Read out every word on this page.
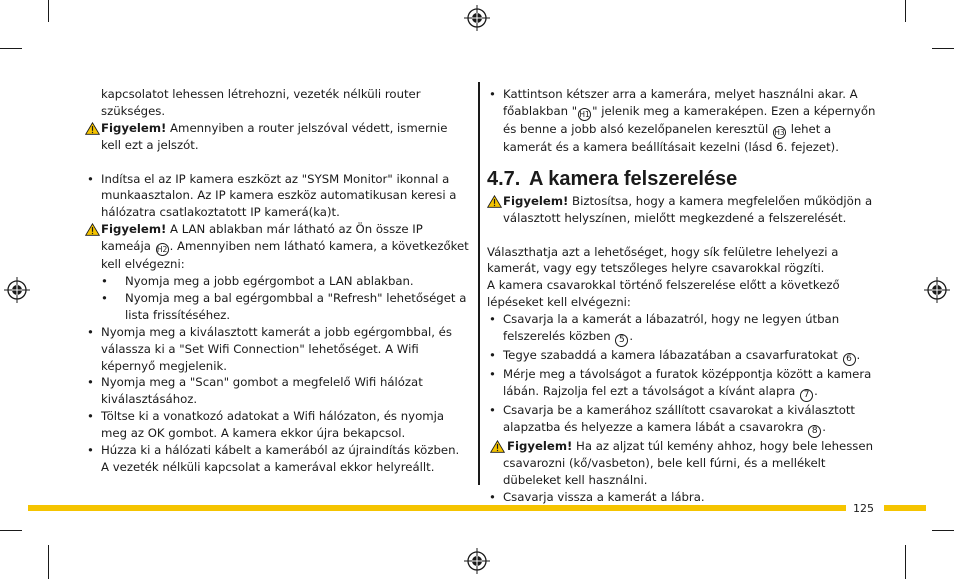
kapcsolatot lehessen létrehozni, vezeték nélküli router szükséges.
Figyelem! Amennyiben a router jelszóval védett, ismernie kell ezt a jelszót.
• Indítsa el az IP kamera eszközt az "SYSM Monitor" ikonnal a munkaasztalon. Az IP kamera eszköz automatikusan keresi a hálózatra csatlakoztatott IP kamerá(ka)t.
Figyelem! A LAN ablakban már látható az Ön össze IP kameája H2 . Amennyiben nem látható kamera, a következőket kell elvégezni:
• Nyomja meg a jobb egérgombot a LAN ablakban.
• Nyomja meg a bal egérgombbal a "Refresh" lehetőséget a lista frissítéséhez.
• Nyomja meg a kiválasztott kamerát a jobb egérgombbal, és válassza ki a "Set Wifi Connection" lehetőséget. A Wifi képernyő megjelenik.
• Nyomja meg a "Scan" gombot a megfelelő Wifi hálózat kiválasztásához.
• Töltse ki a vonatkozó adatokat a Wifi hálózaton, és nyomja meg az OK gombot. A kamera ekkor újra bekapcsol.
• Húzza ki a hálózati kábelt a kamerából az újraindítás közben. A vezeték nélküli kapcsolat a kamerával ekkor helyreállt.
• Kattintson kétszer arra a kamerára, melyet használni akar. A főablakban " H1 " jelenik meg a kameraképen. Ezen a képernyőn és benne a jobb alsó kezelőpanelen keresztül H3 lehet a kamerát és a kamera beállításait kezelni (lásd 6. fejezet).
4.7. A kamera felszerelése
Figyelem! Biztosítsa, hogy a kamera megfelelően működjön a választott helyszínen, mielőtt megkezdené a felszerelését.
Választhatja azt a lehetőséget, hogy sík felületre lehelyezi a kamerát, vagy egy tetszőleges helyre csavarokkal rögzíti.
A kamera csavarokkal történő felszerelése előtt a következő lépéseket kell elvégezni:
• Csavarja la a kamerát a lábazatról, hogy ne legyen útban felszerelés közben 5 .
• Tegye szabaddá a kamera lábazatában a csavarfuratokat 6 .
• Mérje meg a távolságot a furatok középpontja között a kamera lábán. Rajzolja fel ezt a távolságot a kívánt alapra 7 .
• Csavarja be a kamerához szállított csavarokat a kiválasztott alapzatba és helyezze a kamera lábát a csavarokra 8 .
Figyelem! Ha az aljzat túl kemény ahhoz, hogy bele lehessen csavarozni (kő/vasbeton), bele kell fúrni, és a mellékelt dübeleket kell használni.
• Csavarja vissza a kamerát a lábra.
125
